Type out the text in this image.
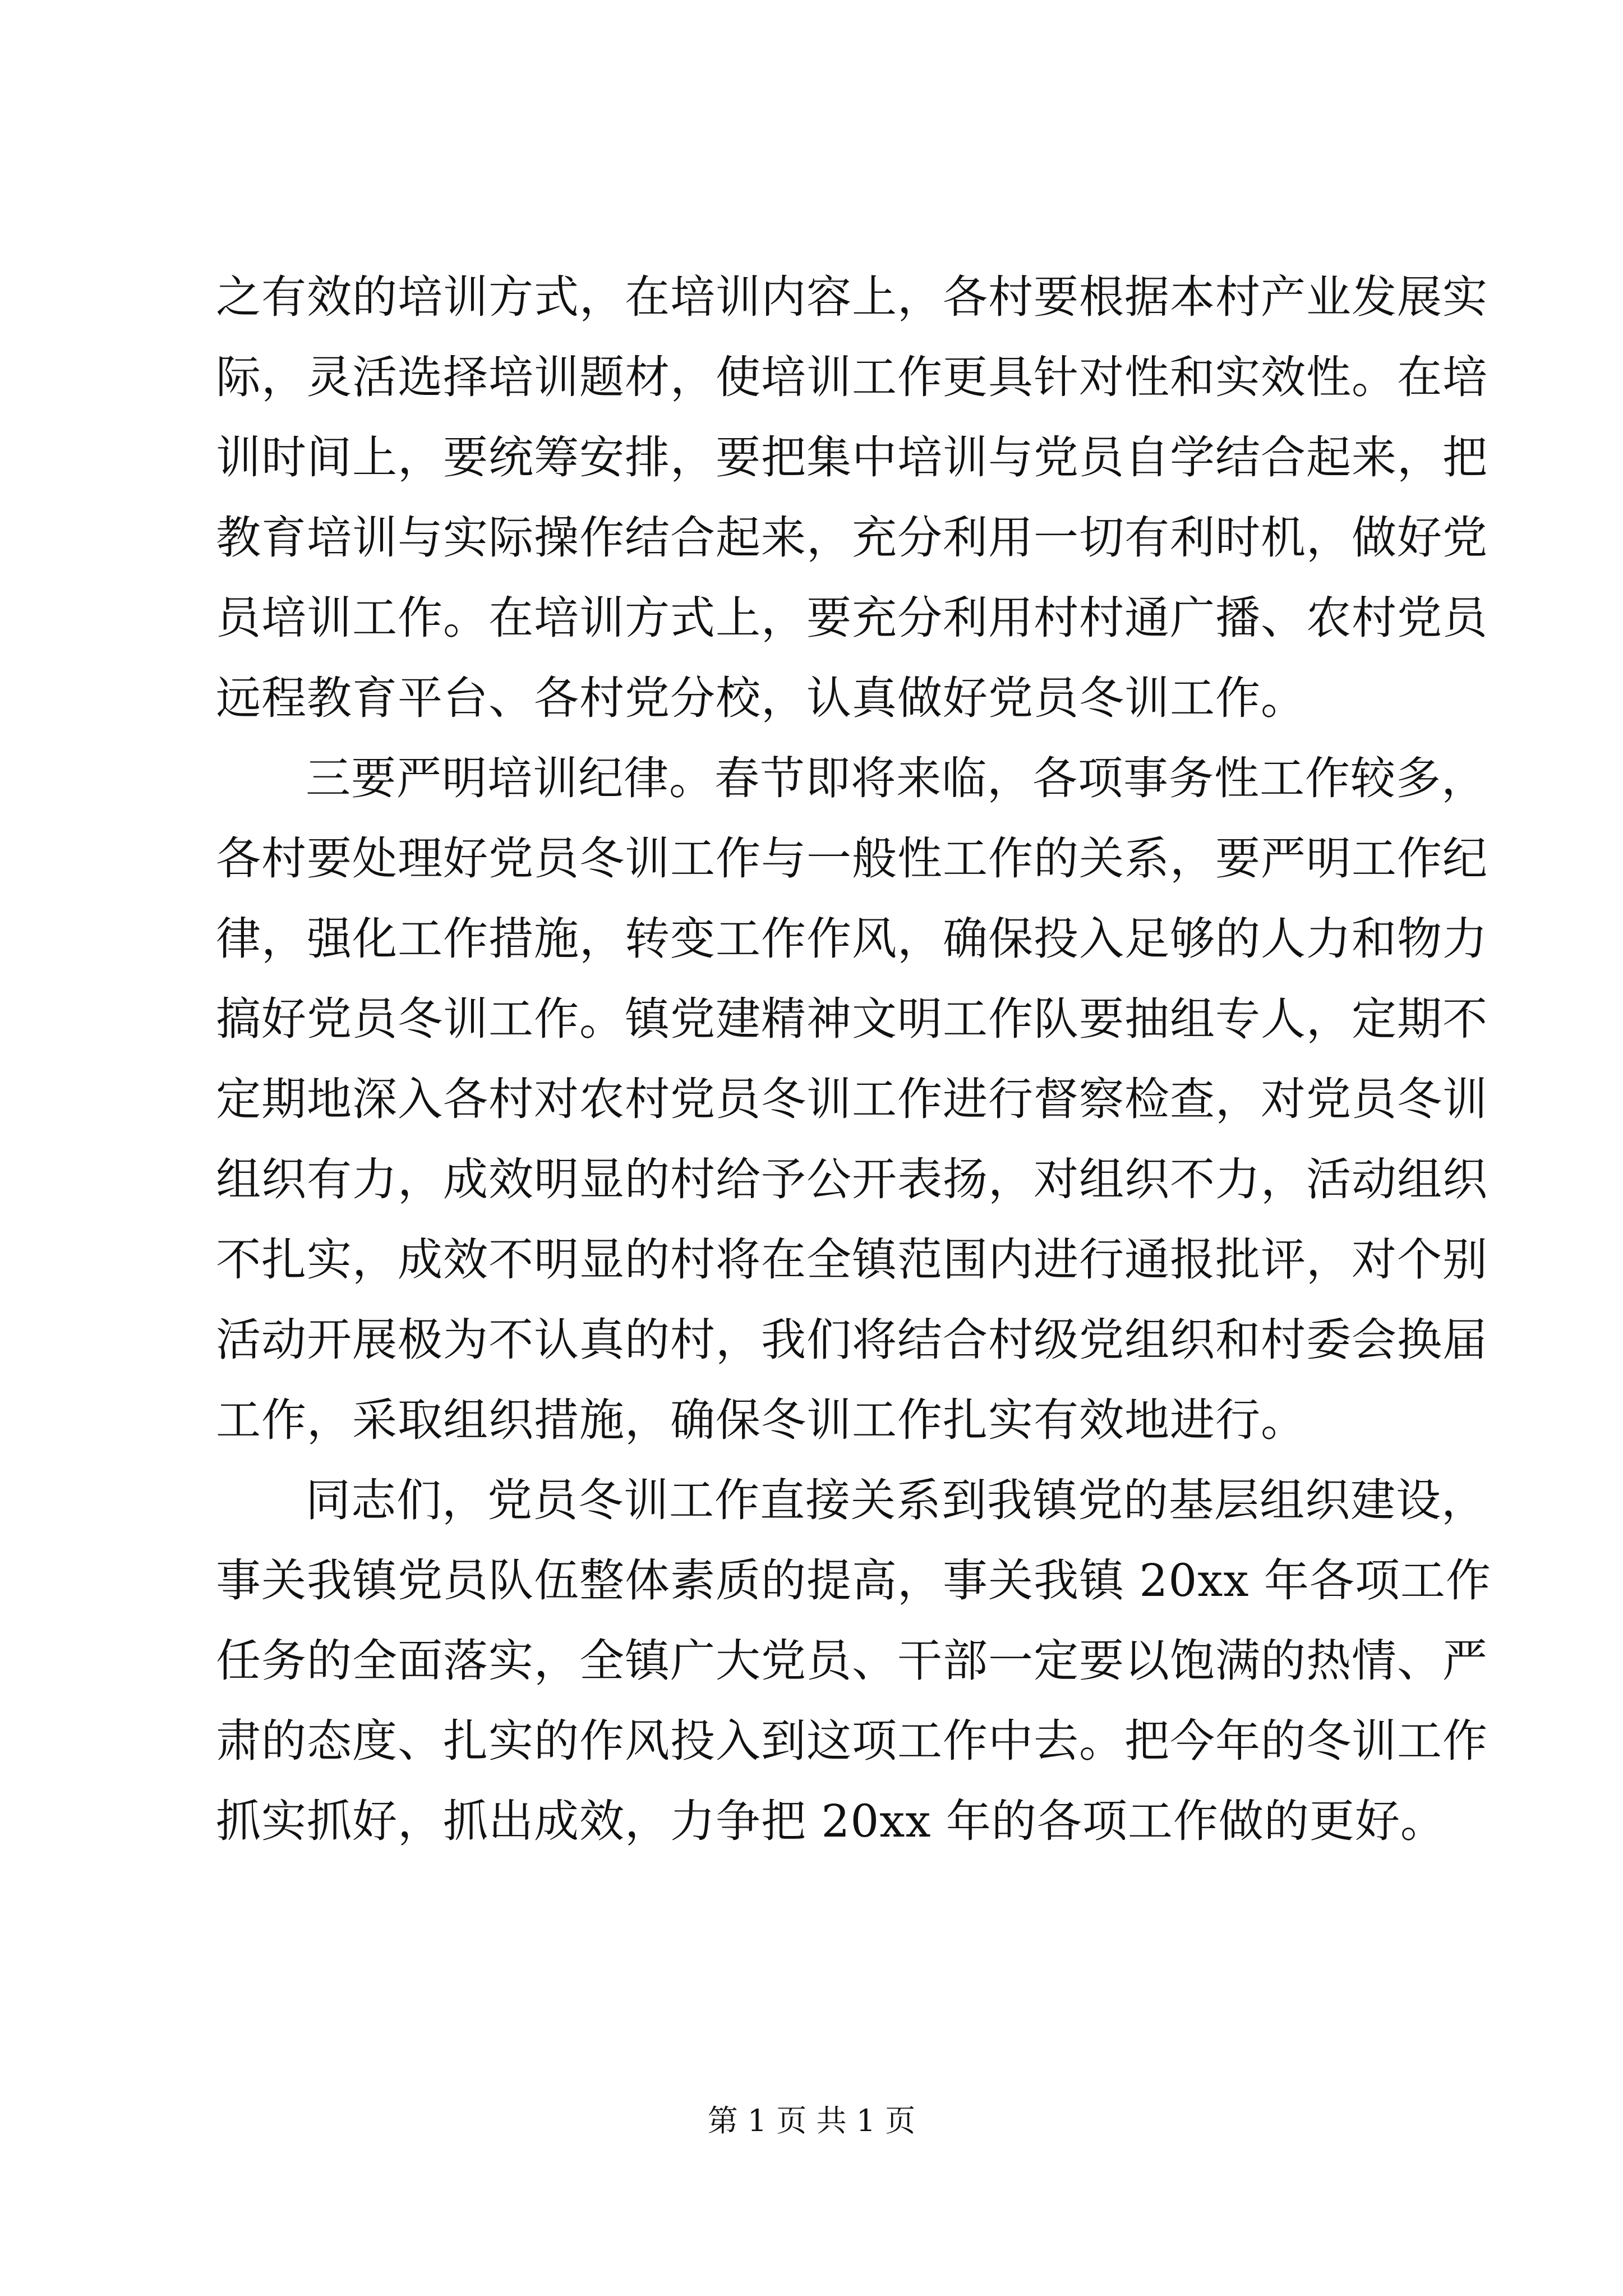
之有效的培训方式，在培训内容上，各村要根据本村产业发展实
际，灵活选择培训题材，使培训工作更具针对性和实效性。在培
训时间上，要统筹安排，要把集中培训与党员自学结合起来，把
教育培训与实际操作结合起来，充分利用一切有利时机，做好党
员培训工作。在培训方式上，要充分利用村村通广播、农村党员
远程教育平台、各村党分校，认真做好党员冬训工作。
三要严明培训纪律。春节即将来临，各项事务性工作较多，
各村要处理好党员冬训工作与一般性工作的关系，要严明工作纪
律，强化工作措施，转变工作作风，确保投入足够的人力和物力
搞好党员冬训工作。镇党建精神文明工作队要抽组专人，定期不
定期地深入各村对农村党员冬训工作进行督察检查，对党员冬训
组织有力，成效明显的村给予公开表扬，对组织不力，活动组织
不扎实，成效不明显的村将在全镇范围内进行通报批评，对个别
活动开展极为不认真的村，我们将结合村级党组织和村委会换届
工作，采取组织措施，确保冬训工作扎实有效地进行。
同志们，党员冬训工作直接关系到我镇党的基层组织建设，
事关我镇党员队伍整体素质的提高，事关我镇 20xx 年各项工作
任务的全面落实，全镇广大党员、干部一定要以饱满的热情、严
肃的态度、扎实的作风投入到这项工作中去。把今年的冬训工作
抓实抓好，抓出成效，力争把 20xx 年的各项工作做的更好。
第 1 页 共 1 页
